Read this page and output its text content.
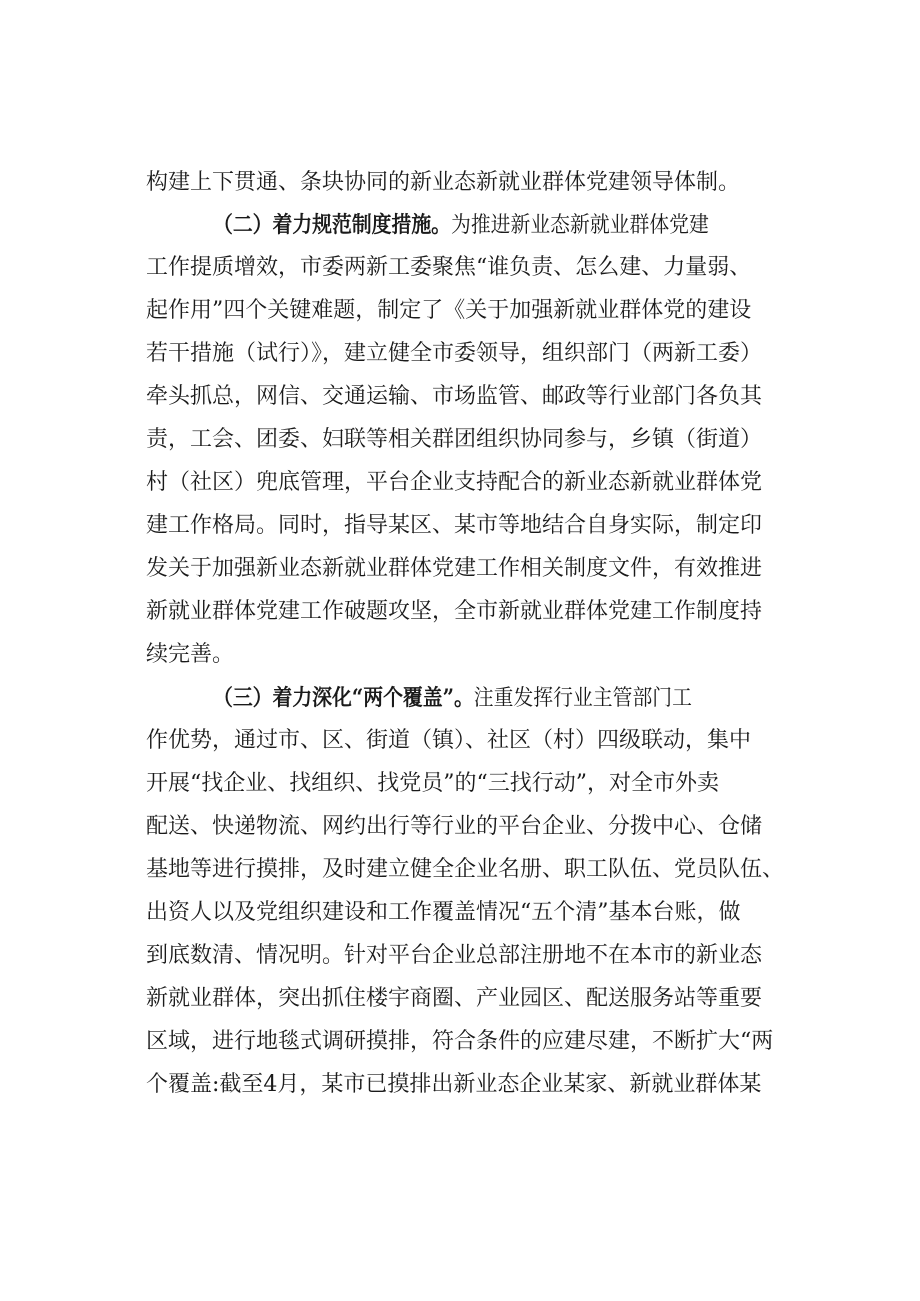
构建上下贯通、条块协同的新业态新就业群体党建领导体制。
（二）着力规范制度措施。为推进新业态新就业群体党建
工作提质增效，市委两新工委聚焦“谁负责、怎么建、力量弱、
起作用”四个关键难题，制定了《关于加强新就业群体党的建设
若干措施（试行）》，建立健全市委领导，组织部门（两新工委）
牵头抓总，网信、交通运输、市场监管、邮政等行业部门各负其
责，工会、团委、妇联等相关群团组织协同参与，乡镇（街道）
村（社区）兜底管理，平台企业支持配合的新业态新就业群体党
建工作格局。同时，指导某区、某市等地结合自身实际，制定印
发关于加强新业态新就业群体党建工作相关制度文件，有效推进
新就业群体党建工作破题攻坚，全市新就业群体党建工作制度持
续完善。
（三）着力深化“两个覆盖”。注重发挥行业主管部门工
作优势，通过市、区、街道（镇）、社区（村）四级联动，集中
开展“找企业、找组织、找党员”的“三找行动”，对全市外卖
配送、快递物流、网约出行等行业的平台企业、分拨中心、仓储
基地等进行摸排，及时建立健全企业名册、职工队伍、党员队伍、
出资人以及党组织建设和工作覆盖情况“五个清”基本台账，做
到底数清、情况明。针对平台企业总部注册地不在本市的新业态
新就业群体，突出抓住楼宇商圈、产业园区、配送服务站等重要
区域，进行地毯式调研摸排，符合条件的应建尽建，不断扩大“两
个覆盖:截至4月，某市已摸排出新业态企业某家、新就业群体某
